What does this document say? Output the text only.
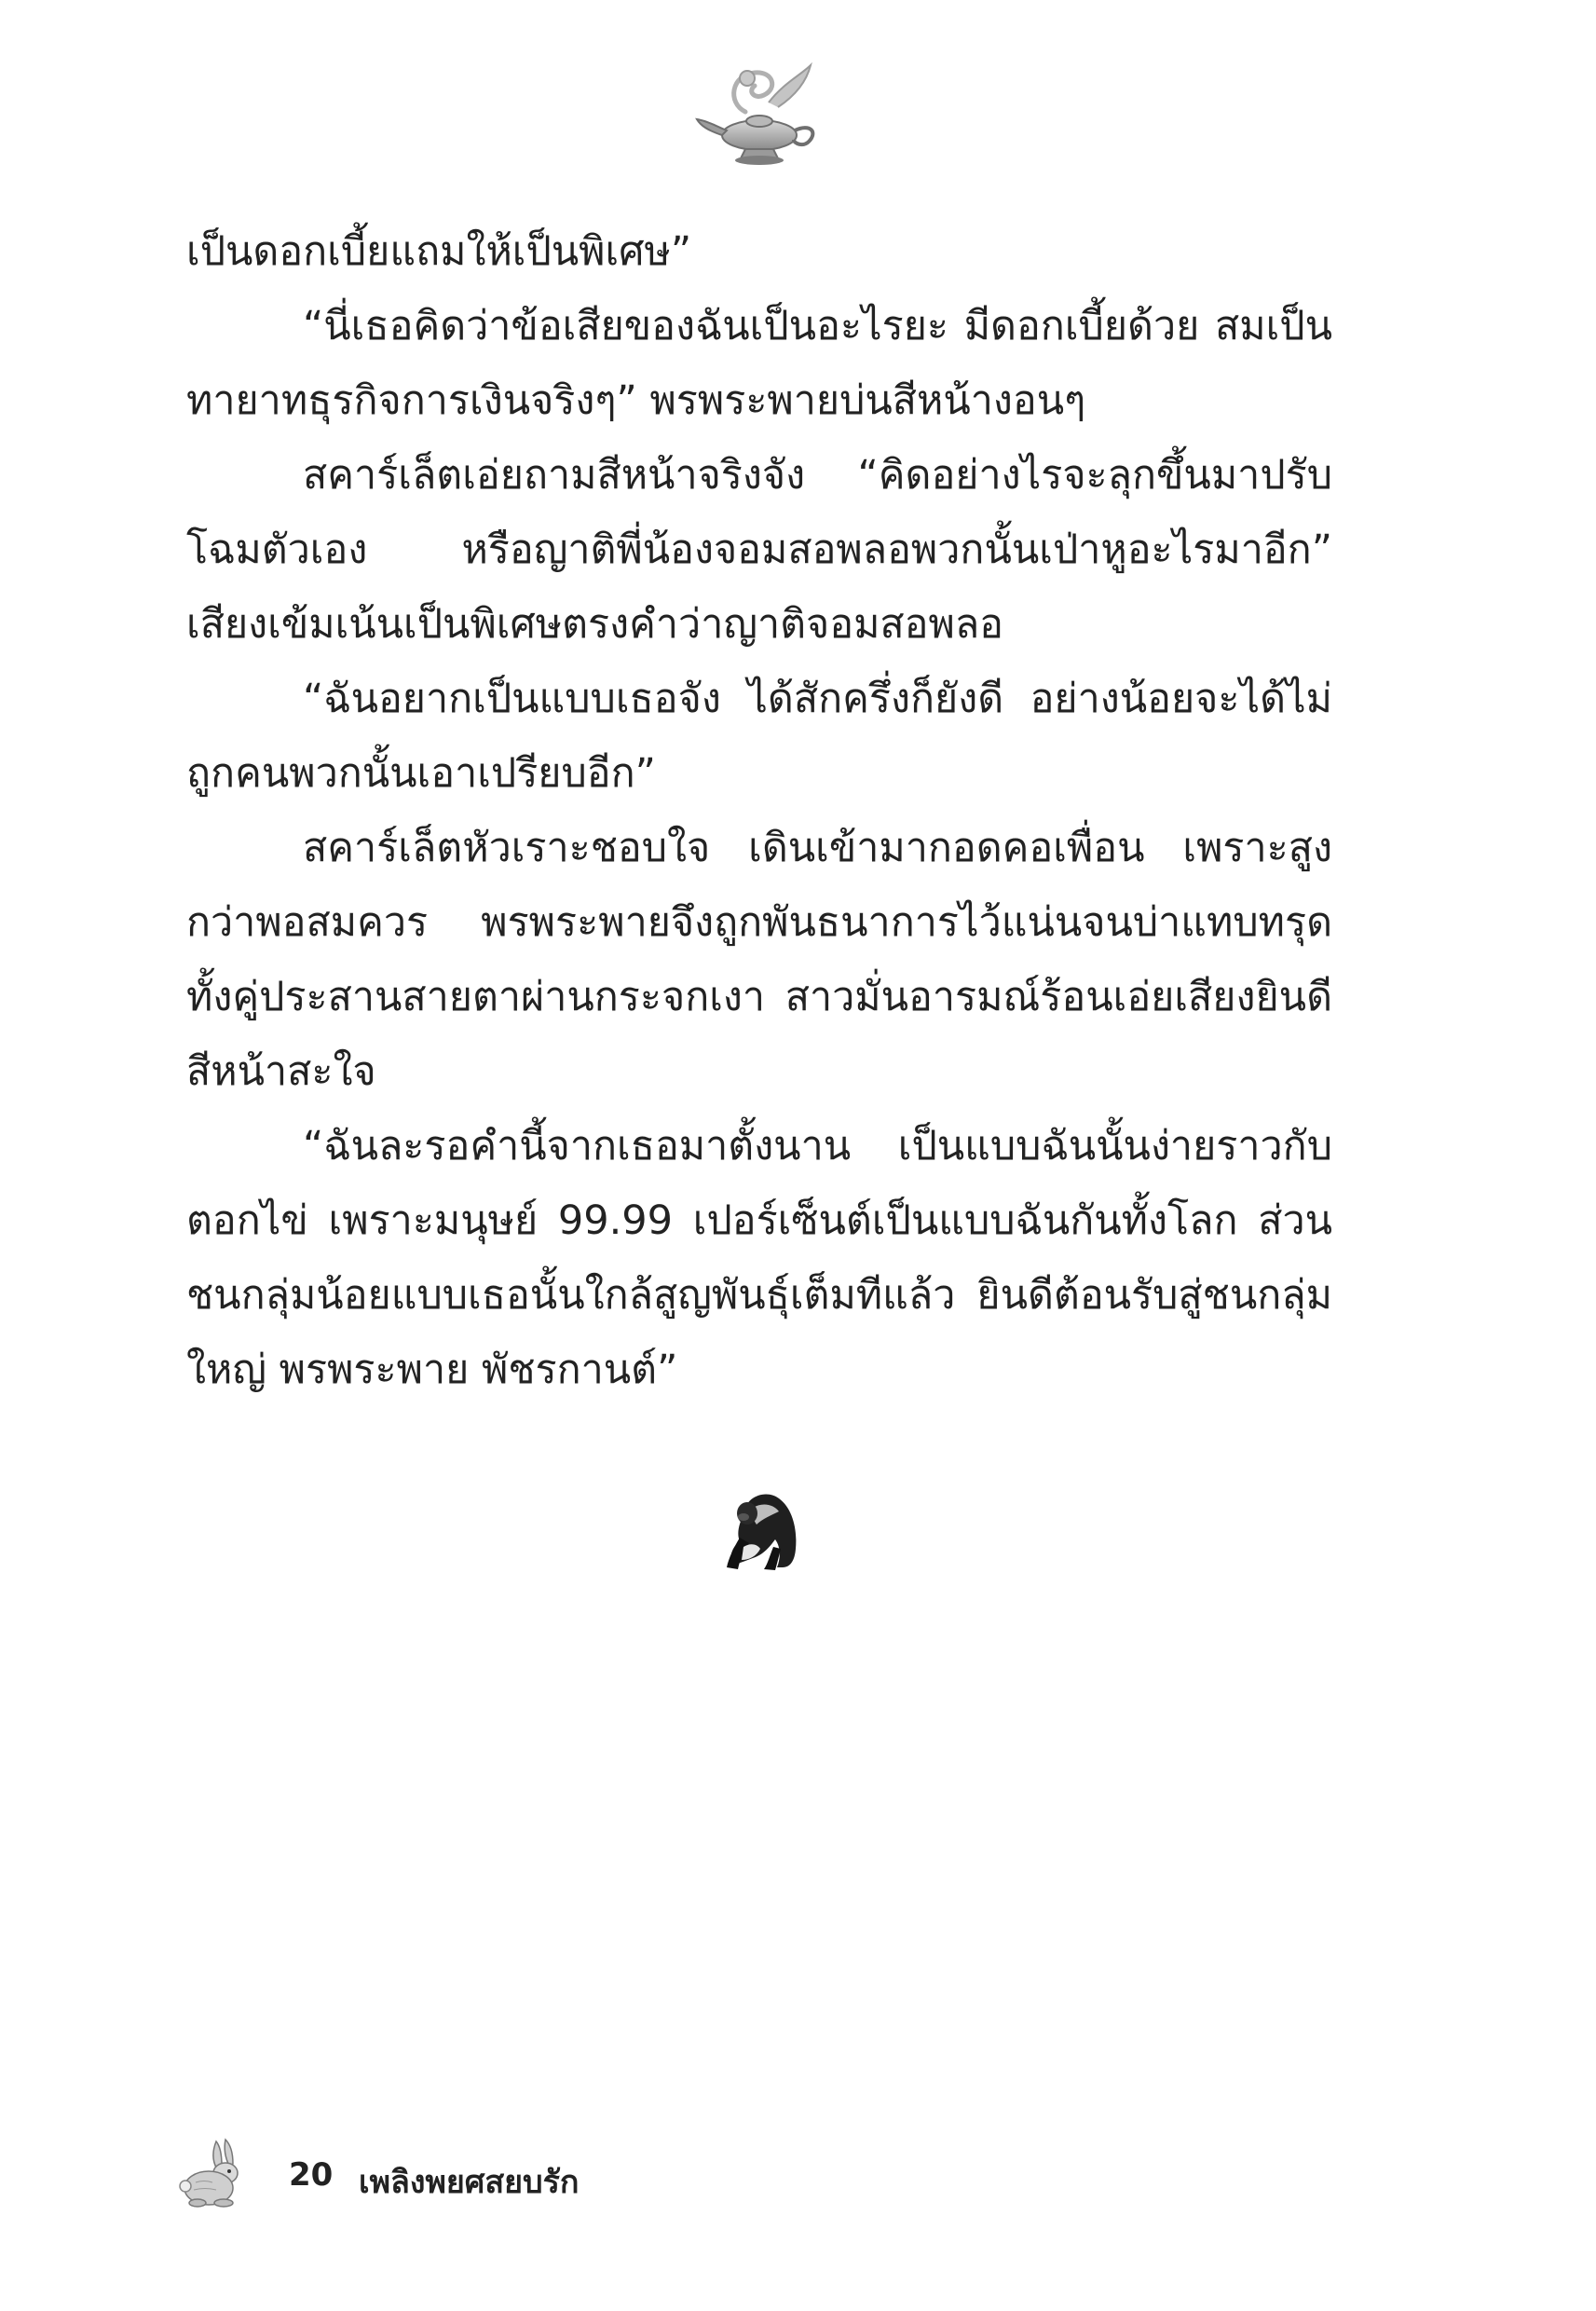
เป็นดอกเบี้ยแถมให้เป็นพิเศษ”

“นี่เธอคิดว่าข้อเสียของฉันเป็นอะไรยะ มีดอกเบี้ยด้วย สมเป็นทายาทธุรกิจการเงินจริงๆ” พรพระพายบ่นสีหน้างอนๆ

สคาร์เล็ตเอ่ยถามสีหน้าจริงจัง “คิดอย่างไรจะลุกขึ้นมาปรับโฉมตัวเอง หรือญาติพี่น้องจอมสอพลอพวกนั้นเป่าหูอะไรมาอีก” เสียงเข้มเน้นเป็นพิเศษตรงคำว่าญาติจอมสอพลอ

“ฉันอยากเป็นแบบเธอจัง ได้สักครึ่งก็ยังดี อย่างน้อยจะได้ไม่ถูกคนพวกนั้นเอาเปรียบอีก”

สคาร์เล็ตหัวเราะชอบใจ เดินเข้ามากอดคอเพื่อน เพราะสูงกว่าพอสมควร พรพระพายจึงถูกพันธนาการไว้แน่นจนบ่าแทบทรุด ทั้งคู่ประสานสายตาผ่านกระจกเงา สาวมั่นอารมณ์ร้อนเอ่ยเสียงยินดีสีหน้าสะใจ

“ฉันละรอคำนี้จากเธอมาตั้งนาน เป็นแบบฉันนั้นง่ายราวกับตอกไข่ เพราะมนุษย์ 99.99 เปอร์เซ็นต์เป็นแบบฉันกันทั้งโลก ส่วนชนกลุ่มน้อยแบบเธอนั้นใกล้สูญพันธุ์เต็มทีแล้ว ยินดีต้อนรับสู่ชนกลุ่มใหญ่ พรพระพาย พัชรกานต์”

20 เพลิงพยศสยบรัก
